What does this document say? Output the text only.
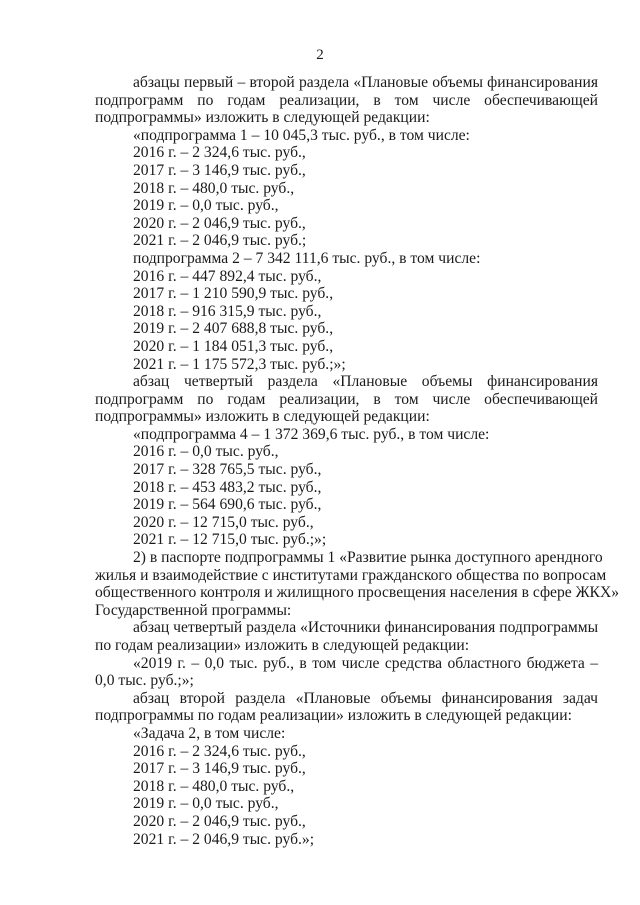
2
абзацы первый – второй раздела «Плановые объемы финансирования
подпрограмм по годам реализации, в том числе обеспечивающей
подпрограммы» изложить в следующей редакции:
«подпрограмма 1 – 10 045,3 тыс. руб., в том числе:
2016 г. – 2 324,6 тыс. руб.,
2017 г. – 3 146,9 тыс. руб.,
2018 г. – 480,0 тыс. руб.,
2019 г. – 0,0 тыс. руб.,
2020 г. – 2 046,9 тыс. руб.,
2021 г. – 2 046,9 тыс. руб.;
подпрограмма 2 – 7 342 111,6 тыс. руб., в том числе:
2016 г. – 447 892,4 тыс. руб.,
2017 г. – 1 210 590,9 тыс. руб.,
2018 г. – 916 315,9 тыс. руб.,
2019 г. – 2 407 688,8 тыс. руб.,
2020 г. – 1 184 051,3 тыс. руб.,
2021 г. – 1 175 572,3 тыс. руб.;»;
абзац четвертый раздела «Плановые объемы финансирования
подпрограмм по годам реализации, в том числе обеспечивающей
подпрограммы» изложить в следующей редакции:
«подпрограмма 4 – 1 372 369,6 тыс. руб., в том числе:
2016 г. – 0,0 тыс. руб.,
2017 г. – 328 765,5 тыс. руб.,
2018 г. – 453 483,2 тыс. руб.,
2019 г. – 564 690,6 тыс. руб.,
2020 г. – 12 715,0 тыс. руб.,
2021 г. – 12 715,0 тыс. руб.;»;
2) в паспорте подпрограммы 1 «Развитие рынка доступного арендного
жилья и взаимодействие с институтами гражданского общества по вопросам
общественного контроля и жилищного просвещения населения в сфере ЖКХ»
Государственной программы:
абзац четвертый раздела «Источники финансирования подпрограммы
по годам реализации» изложить в следующей редакции:
«2019 г. – 0,0 тыс. руб., в том числе средства областного бюджета –
0,0 тыс. руб.;»;
абзац второй раздела «Плановые объемы финансирования задач
подпрограммы по годам реализации» изложить в следующей редакции:
«Задача 2, в том числе:
2016 г. – 2 324,6 тыс. руб.,
2017 г. – 3 146,9 тыс. руб.,
2018 г. – 480,0 тыс. руб.,
2019 г. – 0,0 тыс. руб.,
2020 г. – 2 046,9 тыс. руб.,
2021 г. – 2 046,9 тыс. руб.»;
